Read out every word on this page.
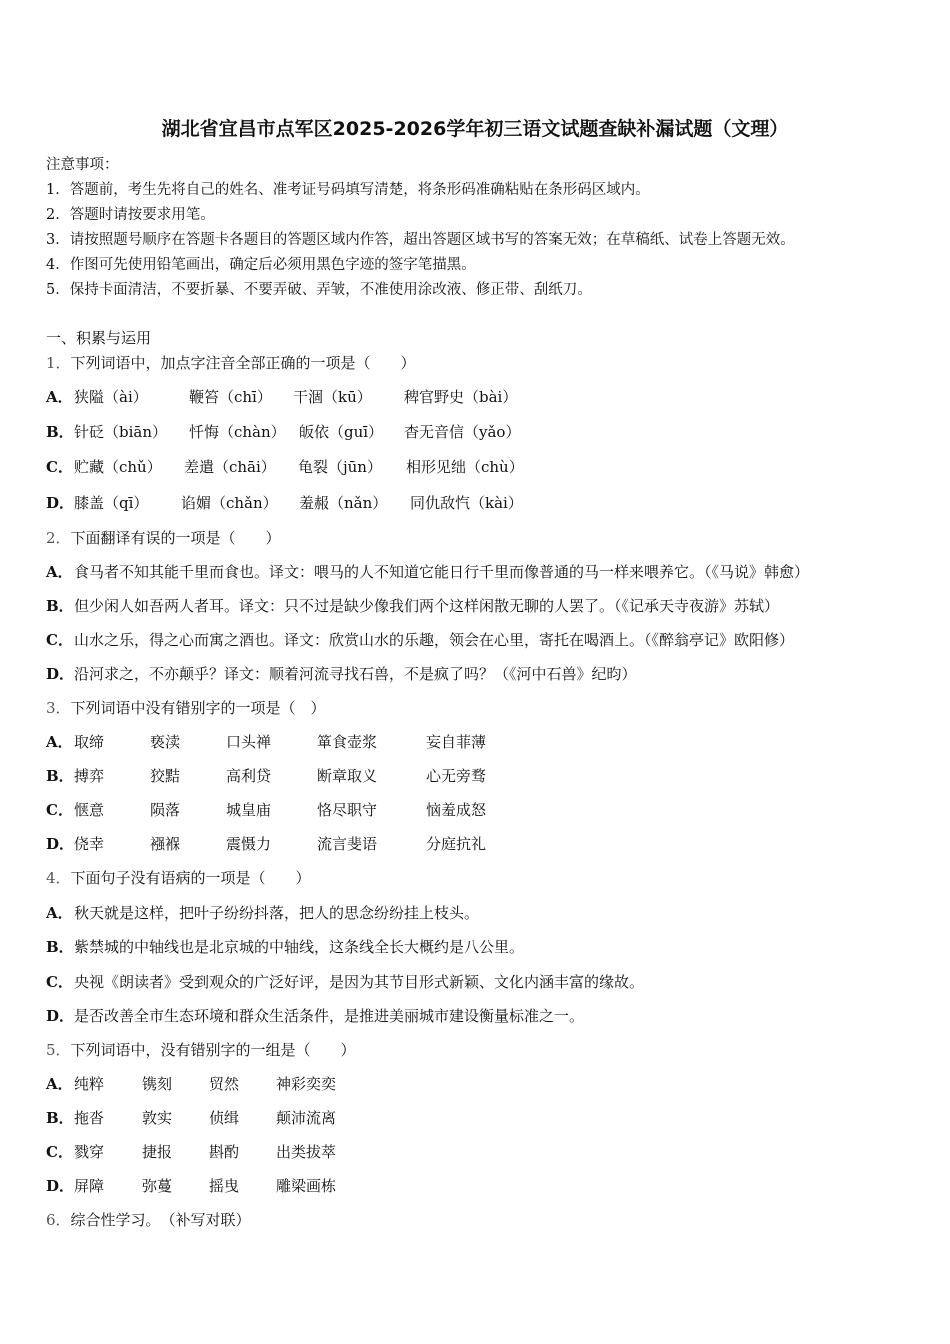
湖北省宜昌市点军区2025-2026学年初三语文试题查缺补漏试题（文理）
注意事项：
1．答题前，考生先将自己的姓名、准考证号码填写清楚，将条形码准确粘贴在条形码区域内。
2．答题时请按要求用笔。
3．请按照题号顺序在答题卡各题目的答题区域内作答，超出答题区域书写的答案无效；在草稿纸、试卷上答题无效。
4．作图可先使用铅笔画出，确定后必须用黑色字迹的签字笔描黑。
5．保持卡面清洁，不要折暴、不要弄破、弄皱，不准使用涂改液、修正带、刮纸刀。
一、积累与运用
1．下列词语中，加点字注音全部正确的一项是（　　）
A． 狭隘（ài）	鞭笞（chī） 干涸（kū） 稗官野史（bài）
B． 针砭（biān） 忏悔（chàn） 皈依（guī） 杳无音信（yǎo）
C． 贮藏（chǔ） 差遣（chāi） 龟裂（jūn） 相形见绌（chù）
D． 膝盖（qī） 谄媚（chǎn） 羞赧（nǎn） 同仇敌忾（kài）
2．下面翻译有误的一项是（　　）
A．食马者不知其能千里而食也。译文：喂马的人不知道它能日行千里而像普通的马一样来喂养它。（《马说》韩愈）
B．但少闲人如吾两人者耳。译文：只不过是缺少像我们两个这样闲散无聊的人罢了。（《记承天寺夜游》苏轼）
C．山水之乐，得之心而寓之酒也。译文：欣赏山水的乐趣，领会在心里，寄托在喝酒上。（《醉翁亭记》欧阳修）
D．沿河求之，不亦颠乎？译文：顺着河流寻找石兽，不是疯了吗？（《河中石兽》纪昀）
3．下列词语中没有错别字的一项是（　）
A． 取缔	亵渎	口头禅	箪食壶浆	妄自菲薄
B． 搏弈	狡黠	高利贷	断章取义	心无旁骛
C． 惬意	陨落	城皇庙	恪尽职守	恼羞成怒
D． 侥幸	襁褓	震慑力	流言斐语	分庭抗礼
4．下面句子没有语病的一项是（　　）
A．秋天就是这样，把叶子纷纷抖落，把人的思念纷纷挂上枝头。
B．紫禁城的中轴线也是北京城的中轴线，这条线全长大概约是八公里。
C．央视《朗读者》受到观众的广泛好评，是因为其节目形式新颖、文化内涵丰富的缘故。
D．是否改善全市生态环境和群众生活条件，是推进美丽城市建设衡量标准之一。
5．下列词语中，没有错别字的一组是（　　）
A． 纯粹	镌刻 贸然 神彩奕奕
B． 拖沓	敦实 侦缉 颠沛流离
C． 戮穿	捷报 斟酌 出类拔萃
D． 屏障	弥蔓 摇曳 雕梁画栋
6．综合性学习。　（补写对联）
